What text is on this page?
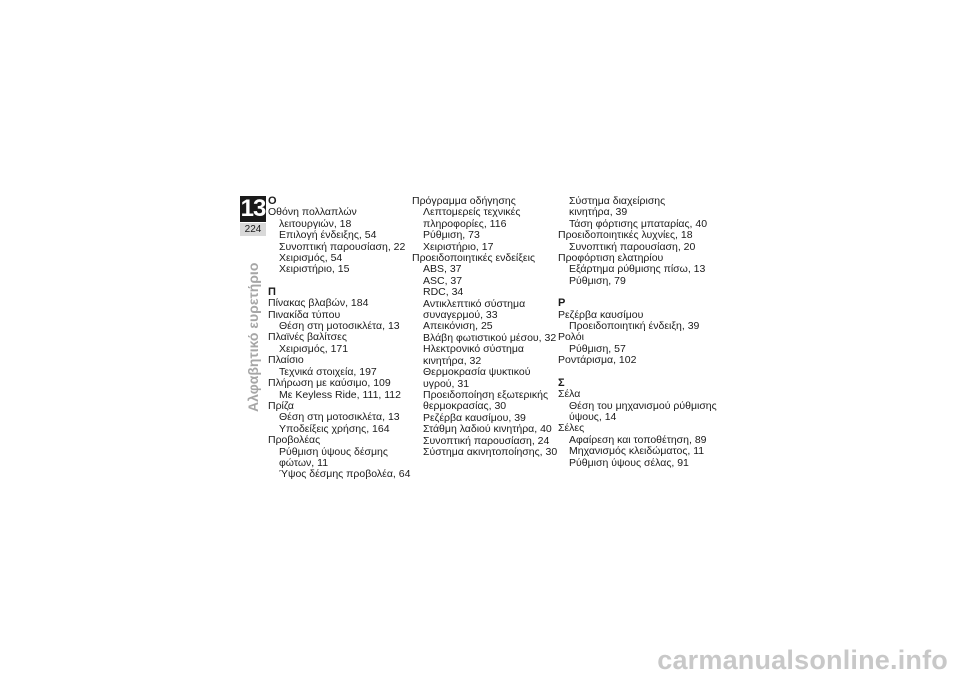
13
224
Αλφαβητικό ευρετήριο
Ο
Οθόνη πολλαπλών
λειτουργιών, 18
Επιλογή ένδειξης, 54
Συνοπτική παρουσίαση, 22
Χειρισμός, 54
Χειριστήριο, 15
Π
Πίνακας βλαβών, 184
Πινακίδα τύπου
Θέση στη μοτοσικλέτα, 13
Πλαϊνές βαλίτσες
Χειρισμός, 171
Πλαίσιο
Τεχνικά στοιχεία, 197
Πλήρωση με καύσιμο, 109
Με Keyless Ride, 111, 112
Πρίζα
Θέση στη μοτοσικλέτα, 13
Υποδείξεις χρήσης, 164
Προβολέας
Ρύθμιση ύψους δέσμης
φώτων, 11
Ύψος δέσμης προβολέα, 64
Πρόγραμμα οδήγησης
Λεπτομερείς τεχνικές
πληροφορίες, 116
Ρύθμιση, 73
Χειριστήριο, 17
Προειδοποιητικές ενδείξεις
ABS, 37
ASC, 37
RDC, 34
Αντικλεπτικό σύστημα
συναγερμού, 33
Απεικόνιση, 25
Βλάβη φωτιστικού μέσου, 32
Ηλεκτρονικό σύστημα
κινητήρα, 32
Θερμοκρασία ψυκτικού
υγρού, 31
Προειδοποίηση εξωτερικής
θερμοκρασίας, 30
Ρεζέρβα καυσίμου, 39
Στάθμη λαδιού κινητήρα, 40
Συνοπτική παρουσίαση, 24
Σύστημα ακινητοποίησης, 30
Σύστημα διαχείρισης
κινητήρα, 39
Τάση φόρτισης μπαταρίας, 40
Προειδοποιητικές λυχνίες, 18
Συνοπτική παρουσίαση, 20
Προφόρτιση ελατηρίου
Εξάρτημα ρύθμισης πίσω, 13
Ρύθμιση, 79
Ρ
Ρεζέρβα καυσίμου
Προειδοποιητική ένδειξη, 39
Ρολόι
Ρύθμιση, 57
Ροντάρισμα, 102
Σ
Σέλα
Θέση του μηχανισμού ρύθμισης
ύψους, 14
Σέλες
Αφαίρεση και τοποθέτηση, 89
Μηχανισμός κλειδώματος, 11
Ρύθμιση ύψους σέλας, 91
carmanualsonline.info
